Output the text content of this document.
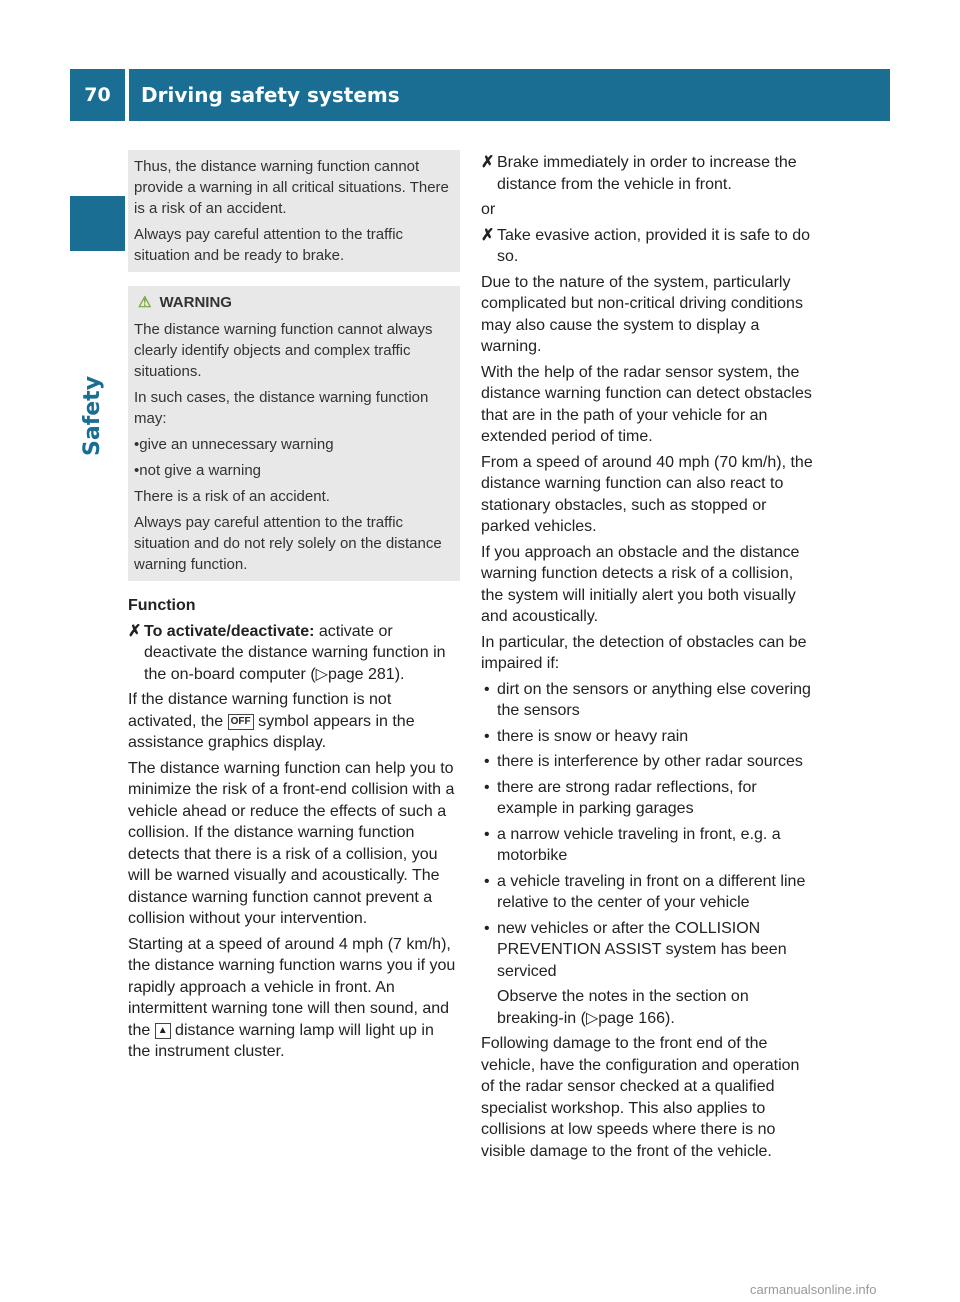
70	Driving safety systems
Safety

Thus, the distance warning function cannot provide a warning in all critical situations. There is a risk of an accident.

Always pay careful attention to the traffic situation and be ready to brake.

⚠ WARNING

The distance warning function cannot always clearly identify objects and complex traffic situations.

In such cases, the distance warning function may:

• give an unnecessary warning

• not give a warning

There is a risk of an accident.

Always pay careful attention to the traffic situation and do not rely solely on the distance warning function.

Function

✗ To activate/deactivate: activate or deactivate the distance warning function in the on-board computer (▷page 281).

If the distance warning function is not activated, the OFF symbol appears in the assistance graphics display.

The distance warning function can help you to minimize the risk of a front-end collision with a vehicle ahead or reduce the effects of such a collision. If the distance warning function detects that there is a risk of a collision, you will be warned visually and acoustically. The distance warning function cannot prevent a collision without your intervention.

Starting at a speed of around 4 mph (7 km/h), the distance warning function warns you if you rapidly approach a vehicle in front. An intermittent warning tone will then sound, and the ▲ distance warning lamp will light up in the instrument cluster.

✗ Brake immediately in order to increase the distance from the vehicle in front.

or

✗ Take evasive action, provided it is safe to do so.

Due to the nature of the system, particularly complicated but non-critical driving conditions may also cause the system to display a warning.

With the help of the radar sensor system, the distance warning function can detect obstacles that are in the path of your vehicle for an extended period of time.

From a speed of around 40 mph (70 km/h), the distance warning function can also react to stationary obstacles, such as stopped or parked vehicles.

If you approach an obstacle and the distance warning function detects a risk of a collision, the system will initially alert you both visually and acoustically.

In particular, the detection of obstacles can be impaired if:

• dirt on the sensors or anything else covering the sensors
• there is snow or heavy rain
• there is interference by other radar sources
• there are strong radar reflections, for example in parking garages
• a narrow vehicle traveling in front, e.g. a motorbike
• a vehicle traveling in front on a different line relative to the center of your vehicle
• new vehicles or after the COLLISION PREVENTION ASSIST system has been serviced

Observe the notes in the section on breaking-in (▷page 166).

Following damage to the front end of the vehicle, have the configuration and operation of the radar sensor checked at a qualified specialist workshop. This also applies to collisions at low speeds where there is no visible damage to the front of the vehicle.

carmanualsonline.info
